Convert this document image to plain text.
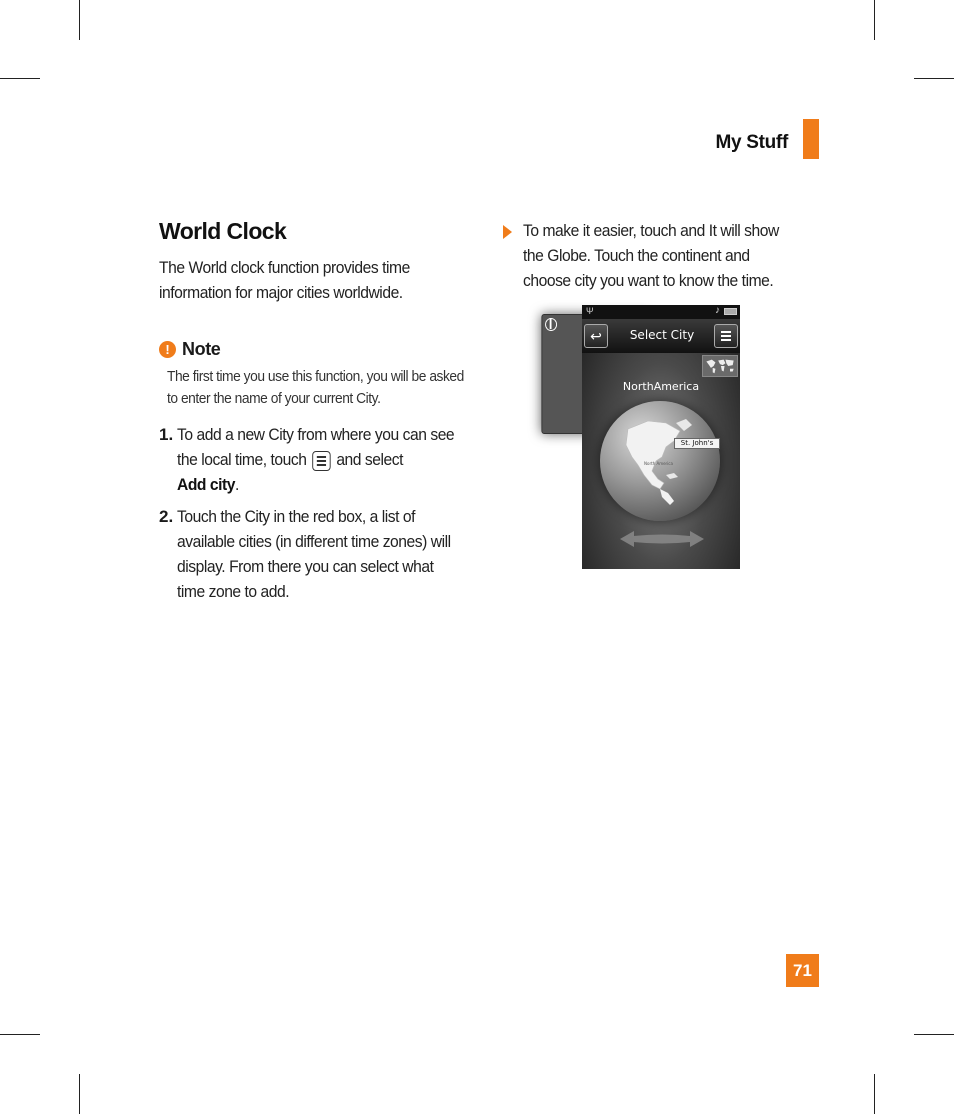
My Stuff
World Clock
The World clock function provides time information for major cities worldwide.
! Note
The first time you use this function, you will be asked to enter the name of your current City.
1. To add a new City from where you can see the local time, touch and select
Add city.
2. Touch the City in the red box, a list of available cities (in different time zones) will display. From there you can select what time zone to add.
To make it easier, touch and It will show the Globe. Touch the continent and choose city you want to know the time.
Ψ	♪
↩	Select City
NorthAmerica
North America
St. John's
71
